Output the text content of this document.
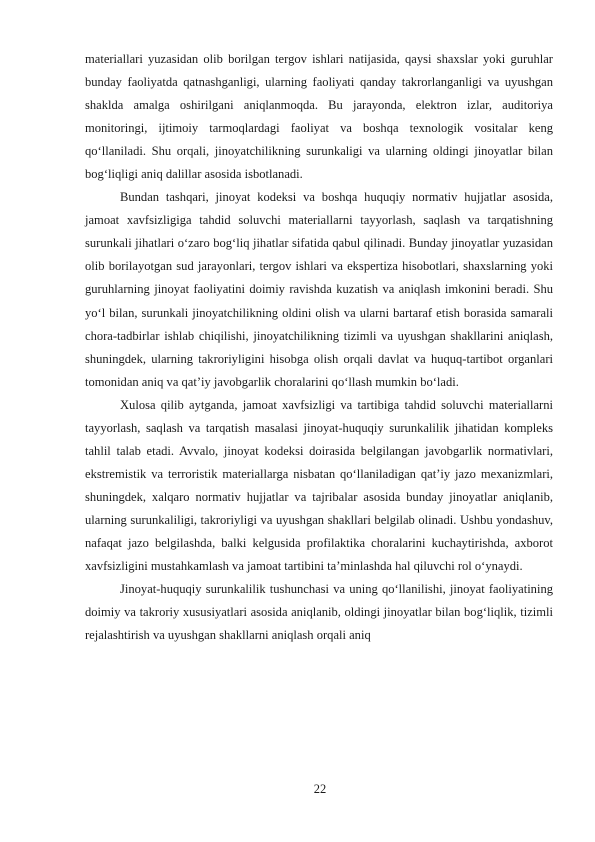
materiallari yuzasidan olib borilgan tergov ishlari natijasida, qaysi shaxslar yoki guruhlar bunday faoliyatda qatnashganligi, ularning faoliyati qanday takrorlanganligi va uyushgan shaklda amalga oshirilgani aniqlanmoqda. Bu jarayonda, elektron izlar, auditoriya monitoringi, ijtimoiy tarmoqlardagi faoliyat va boshqa texnologik vositalar keng qo‘llaniladi. Shu orqali, jinoyatchilikning surunkaligi va ularning oldingi jinoyatlar bilan bog‘liqligi aniq dalillar asosida isbotlanadi.

Bundan tashqari, jinoyat kodeksi va boshqa huquqiy normativ hujjatlar asosida, jamoat xavfsizligiga tahdid soluvchi materiallarni tayyorlash, saqlash va tarqatishning surunkali jihatlari o‘zaro bog‘liq jihatlar sifatida qabul qilinadi. Bunday jinoyatlar yuzasidan olib borilayotgan sud jarayonlari, tergov ishlari va ekspertiza hisobotlari, shaxslarning yoki guruhlarning jinoyat faoliyatini doimiy ravishda kuzatish va aniqlash imkonini beradi. Shu yo‘l bilan, surunkali jinoyatchilikning oldini olish va ularni bartaraf etish borasida samarali chora-tadbirlar ishlab chiqilishi, jinoyatchilikning tizimli va uyushgan shakllarini aniqlash, shuningdek, ularning takroriyligini hisobga olish orqali davlat va huquq-tartibot organlari tomonidan aniq va qat’iy javobgarlik choralarini qo‘llash mumkin bo‘ladi.

Xulosa qilib aytganda, jamoat xavfsizligi va tartibiga tahdid soluvchi materiallarni tayyorlash, saqlash va tarqatish masalasi jinoyat-huquqiy surunkalilik jihatidan kompleks tahlil talab etadi. Avvalo, jinoyat kodeksi doirasida belgilangan javobgarlik normativlari, ekstremistik va terroristik materiallarga nisbatan qo‘llaniladigan qat’iy jazo mexanizmlari, shuningdek, xalqaro normativ hujjatlar va tajribalar asosida bunday jinoyatlar aniqlanib, ularning surunkaliligi, takroriyligi va uyushgan shakllari belgilab olinadi. Ushbu yondashuv, nafaqat jazo belgilashda, balki kelgusida profilaktika choralarini kuchaytirishda, axborot xavfsizligini mustahkamlash va jamoat tartibini ta’minlashda hal qiluvchi rol o‘ynaydi.

Jinoyat-huquqiy surunkalilik tushunchasi va uning qo‘llanilishi, jinoyat faoliyatining doimiy va takroriy xususiyatlari asosida aniqlanib, oldingi jinoyatlar bilan bog‘liqlik, tizimli rejalashtirish va uyushgan shakllarni aniqlash orqali aniq

22
